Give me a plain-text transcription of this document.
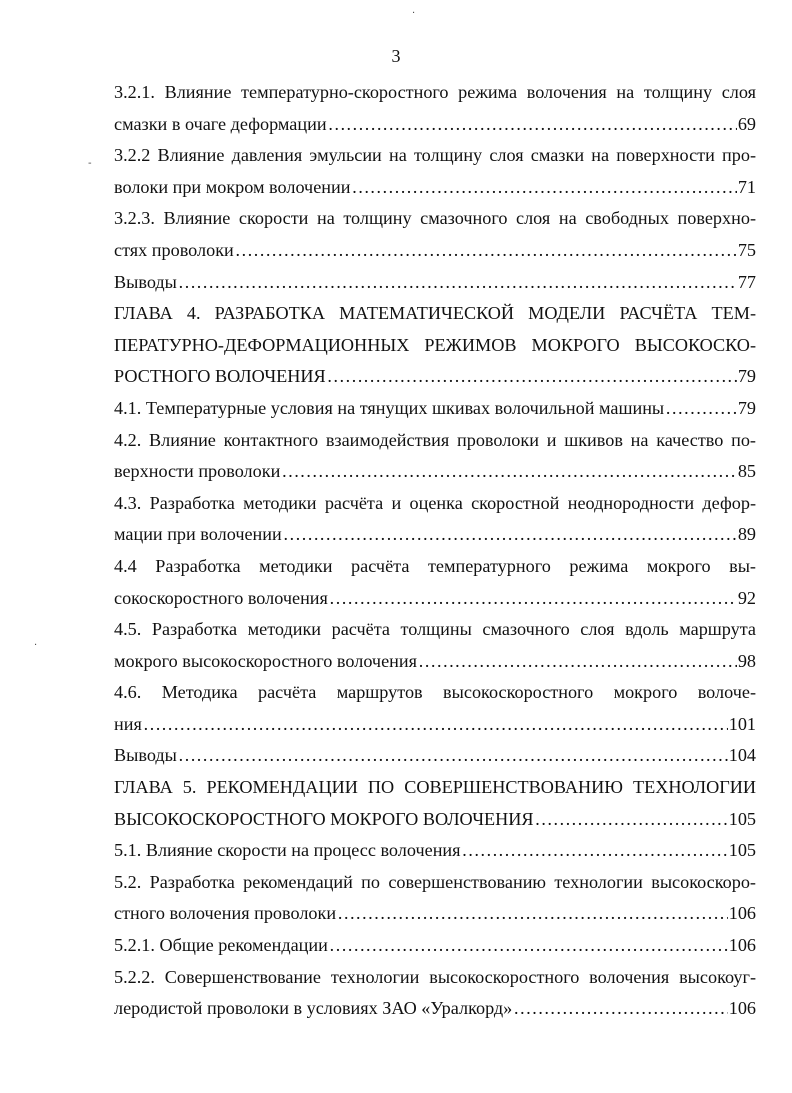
3
·
-
·
3.2.1. Влияние температурно-скоростного режима волочения на толщину слоя
смазки в очаге деформации ……………………………………………………………………………………………………………………………………………………………………	69
3.2.2 Влияние давления эмульсии на толщину слоя смазки на поверхности про-
волоки при мокром волочении ……………………………………………………………………………………………………………………………………………………………………	71
3.2.3. Влияние скорости на толщину смазочного слоя на свободных поверхно-
стях проволоки ……………………………………………………………………………………………………………………………………………………………………	75
Выводы ……………………………………………………………………………………………………………………………………………………………………	77
ГЛАВА 4. РАЗРАБОТКА МАТЕМАТИЧЕСКОЙ МОДЕЛИ РАСЧЁТА ТЕМ-
ПЕРАТУРНО-ДЕФОРМАЦИОННЫХ РЕЖИМОВ МОКРОГО ВЫСОКОСКО-
РОСТНОГО ВОЛОЧЕНИЯ ……………………………………………………………………………………………………………………………………………………………………	79
4.1. Температурные условия на тянущих шкивах волочильной машины ……………………………………………………………………………………………………………………………………………………………………	79
4.2. Влияние контактного взаимодействия проволоки и шкивов на качество по-
верхности проволоки ……………………………………………………………………………………………………………………………………………………………………	85
4.3. Разработка методики расчёта и оценка скоростной неоднородности дефор-
мации при волочении ……………………………………………………………………………………………………………………………………………………………………	89
4.4 Разработка методики расчёта температурного режима мокрого вы-
сокоскоростного волочения ……………………………………………………………………………………………………………………………………………………………………	92
4.5. Разработка методики расчёта толщины смазочного слоя вдоль маршрута
мокрого высокоскоростного волочения ……………………………………………………………………………………………………………………………………………………………………	98
4.6. Методика расчёта маршрутов высокоскоростного мокрого волоче-
ния ……………………………………………………………………………………………………………………………………………………………………	101
Выводы ……………………………………………………………………………………………………………………………………………………………………	104
ГЛАВА 5. РЕКОМЕНДАЦИИ ПО СОВЕРШЕНСТВОВАНИЮ ТЕХНОЛОГИИ
ВЫСОКОСКОРОСТНОГО МОКРОГО ВОЛОЧЕНИЯ ……………………………………………………………………………………………………………………………………………………………………	105
5.1. Влияние скорости на процесс волочения ……………………………………………………………………………………………………………………………………………………………………	105
5.2. Разработка рекомендаций по совершенствованию технологии высокоскоро-
стного волочения проволоки ……………………………………………………………………………………………………………………………………………………………………	106
5.2.1. Общие рекомендации ……………………………………………………………………………………………………………………………………………………………………	106
5.2.2. Совершенствование технологии высокоскоростного волочения высокоуг-
леродистой проволоки в условиях ЗАО «Уралкорд» ……………………………………………………………………………………………………………………………………………………………………	106
